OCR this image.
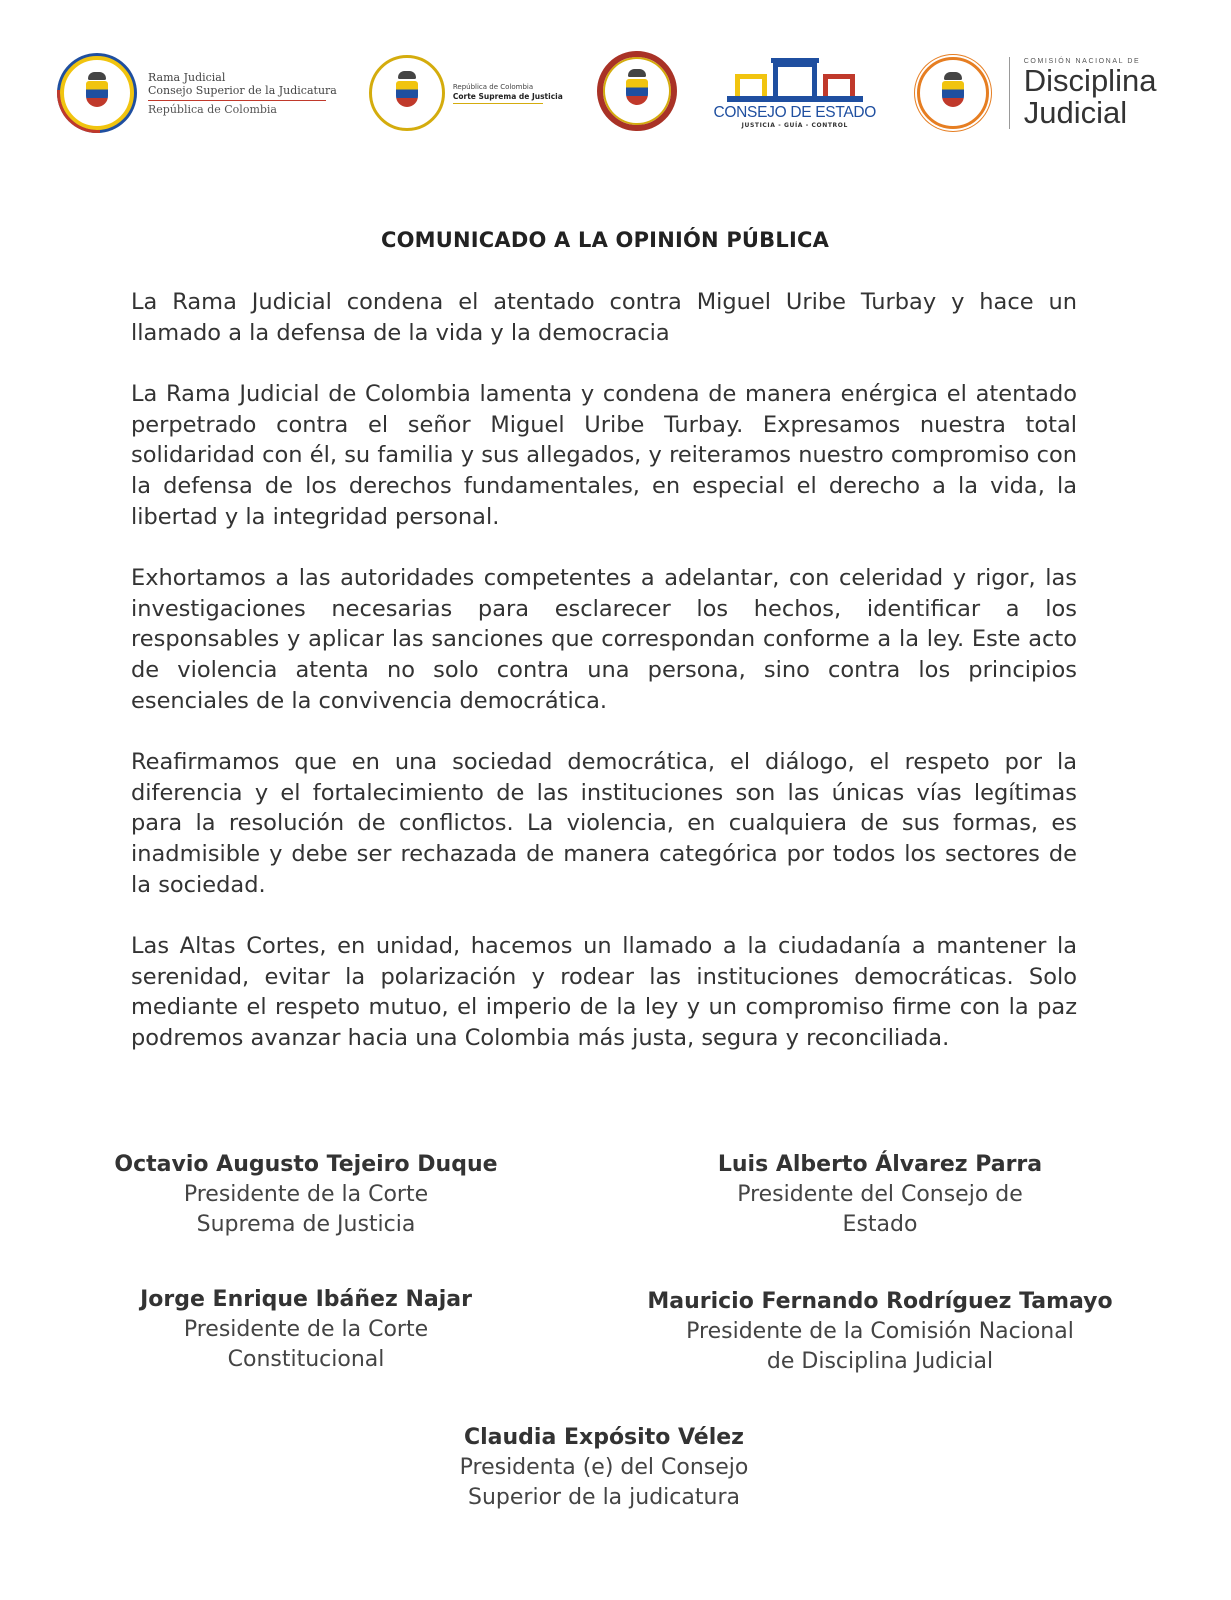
Rama Judicial
Consejo Superior de la Judicatura
República de Colombia
República de Colombia
Corte Suprema de Justicia
CONSEJO DE ESTADO
JUSTICIA - GUÍA - CONTROL
COMISIÓN NACIONAL DE
Disciplina
Judicial
COMUNICADO A LA OPINIÓN PÚBLICA

La Rama Judicial condena el atentado contra Miguel Uribe Turbay y hace un llamado a la defensa de la vida y la democracia

La Rama Judicial de Colombia lamenta y condena de manera enérgica el atentado perpetrado contra el señor Miguel Uribe Turbay. Expresamos nuestra total solidaridad con él, su familia y sus allegados, y reiteramos nuestro compromiso con la defensa de los derechos fundamentales, en especial el derecho a la vida, la libertad y la integridad personal.

Exhortamos a las autoridades competentes a adelantar, con celeridad y rigor, las investigaciones necesarias para esclarecer los hechos, identificar a los responsables y aplicar las sanciones que correspondan conforme a la ley. Este acto de violencia atenta no solo contra una persona, sino contra los principios esenciales de la convivencia democrática.

Reafirmamos que en una sociedad democrática, el diálogo, el respeto por la diferencia y el fortalecimiento de las instituciones son las únicas vías legítimas para la resolución de conflictos. La violencia, en cualquiera de sus formas, es inadmisible y debe ser rechazada de manera categórica por todos los sectores de la sociedad.

Las Altas Cortes, en unidad, hacemos un llamado a la ciudadanía a mantener la serenidad, evitar la polarización y rodear las instituciones democráticas. Solo mediante el respeto mutuo, el imperio de la ley y un compromiso firme con la paz podremos avanzar hacia una Colombia más justa, segura y reconciliada.

Octavio Augusto Tejeiro Duque
Presidente de la Corte
Suprema de Justicia
Luis Alberto Álvarez Parra
Presidente del Consejo de
Estado
Jorge Enrique Ibáñez Najar
Presidente de la Corte
Constitucional
Mauricio Fernando Rodríguez Tamayo
Presidente de la Comisión Nacional
de Disciplina Judicial
Claudia Expósito Vélez
Presidenta (e) del Consejo
Superior de la judicatura
